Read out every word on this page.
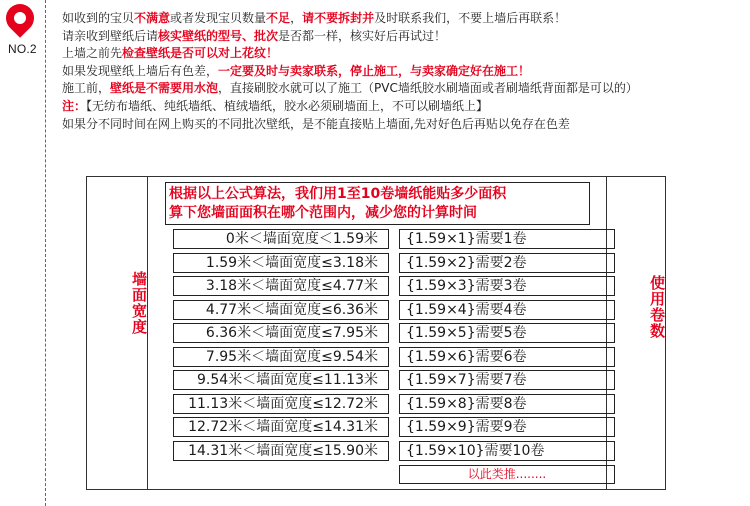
NO.2
如收到的宝贝不满意或者发现宝贝数量不足，请不要拆封并及时联系我们，不要上墙后再联系！
请亲收到壁纸后请核实壁纸的型号、批次是否都一样，核实好后再试过！
上墙之前先检查壁纸是否可以对上花纹！
如果发现壁纸上墙后有色差，一定要及时与卖家联系，停止施工，与卖家确定好在施工！
施工前，壁纸是不需要用水泡，直接刷胶水就可以了施工（PVC墙纸胶水刷墙面或者刷墙纸背面都是可以的）
注：【无纺布墙纸、纯纸墙纸、植绒墙纸，胶水必须刷墙面上，不可以刷墙纸上】
如果分不同时间在网上购买的不同批次壁纸，是不能直接贴上墙面,先对好色后再贴以免存在色差
墙面宽度	使用卷数
根据以上公式算法，我们用1至10卷墙纸能贴多少面积
算下您墙面面积在哪个范围内，减少您的计算时间
0米＜墙面宽度＜1.59米	{1.59×1}需要1卷
1.59米＜墙面宽度≤3.18米	{1.59×2}需要2卷
3.18米＜墙面宽度≤4.77米	{1.59×3}需要3卷
4.77米＜墙面宽度≤6.36米	{1.59×4}需要4卷
6.36米＜墙面宽度≤7.95米	{1.59×5}需要5卷
7.95米＜墙面宽度≤9.54米	{1.59×6}需要6卷
9.54米＜墙面宽度≤11.13米	{1.59×7}需要7卷
11.13米＜墙面宽度≤12.72米	{1.59×8}需要8卷
12.72米＜墙面宽度≤14.31米	{1.59×9}需要9卷
14.31米＜墙面宽度≤15.90米	{1.59×10}需要10卷
以此类推........
